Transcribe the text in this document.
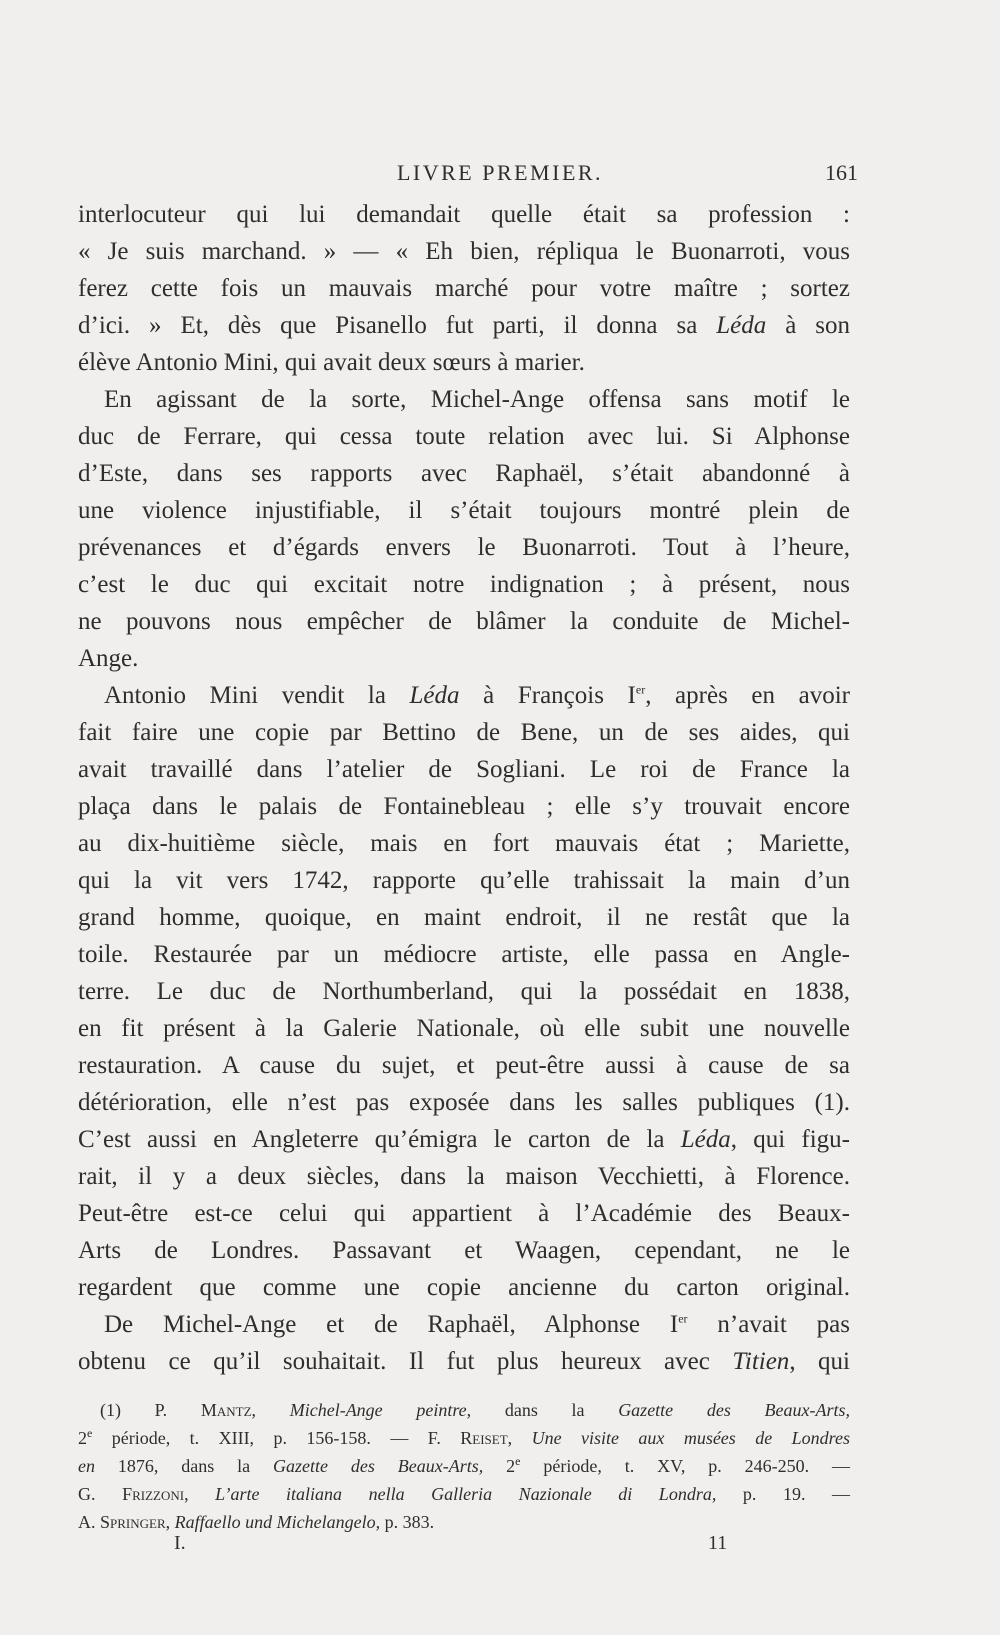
LIVRE PREMIER.	161
interlocuteur qui lui demandait quelle était sa profession :
« Je suis marchand. » — « Eh bien, répliqua le Buonarroti, vous
ferez cette fois un mauvais marché pour votre maître ; sortez
d’ici. » Et, dès que Pisanello fut parti, il donna sa Léda à son
élève Antonio Mini, qui avait deux sœurs à marier.
En agissant de la sorte, Michel-Ange offensa sans motif le
duc de Ferrare, qui cessa toute relation avec lui. Si Alphonse
d’Este, dans ses rapports avec Raphaël, s’était abandonné à
une violence injustifiable, il s’était toujours montré plein de
prévenances et d’égards envers le Buonarroti. Tout à l’heure,
c’est le duc qui excitait notre indignation ; à présent, nous
ne pouvons nous empêcher de blâmer la conduite de Michel-
Ange.
Antonio Mini vendit la Léda à François Ier, après en avoir
fait faire une copie par Bettino de Bene, un de ses aides, qui
avait travaillé dans l’atelier de Sogliani. Le roi de France la
plaça dans le palais de Fontainebleau ; elle s’y trouvait encore
au dix-huitième siècle, mais en fort mauvais état ; Mariette,
qui la vit vers 1742, rapporte qu’elle trahissait la main d’un
grand homme, quoique, en maint endroit, il ne restât que la
toile. Restaurée par un médiocre artiste, elle passa en Angle-
terre. Le duc de Northumberland, qui la possédait en 1838,
en fit présent à la Galerie Nationale, où elle subit une nouvelle
restauration. A cause du sujet, et peut-être aussi à cause de sa
détérioration, elle n’est pas exposée dans les salles publiques (1).
C’est aussi en Angleterre qu’émigra le carton de la Léda, qui figu-
rait, il y a deux siècles, dans la maison Vecchietti, à Florence.
Peut-être est-ce celui qui appartient à l’Académie des Beaux-
Arts de Londres. Passavant et Waagen, cependant, ne le
regardent que comme une copie ancienne du carton original.
De Michel-Ange et de Raphaël, Alphonse Ier n’avait pas
obtenu ce qu’il souhaitait. Il fut plus heureux avec Titien, qui
(1) P. Mantz, Michel-Ange peintre, dans la Gazette des Beaux-Arts,
2e période, t. XIII, p. 156-158. — F. Reiset, Une visite aux musées de Londres
en 1876, dans la Gazette des Beaux-Arts, 2e période, t. XV, p. 246-250. —
G. Frizzoni, L’arte italiana nella Galleria Nazionale di Londra, p. 19. —
A. Springer, Raffaello und Michelangelo, p. 383.
I.	11
